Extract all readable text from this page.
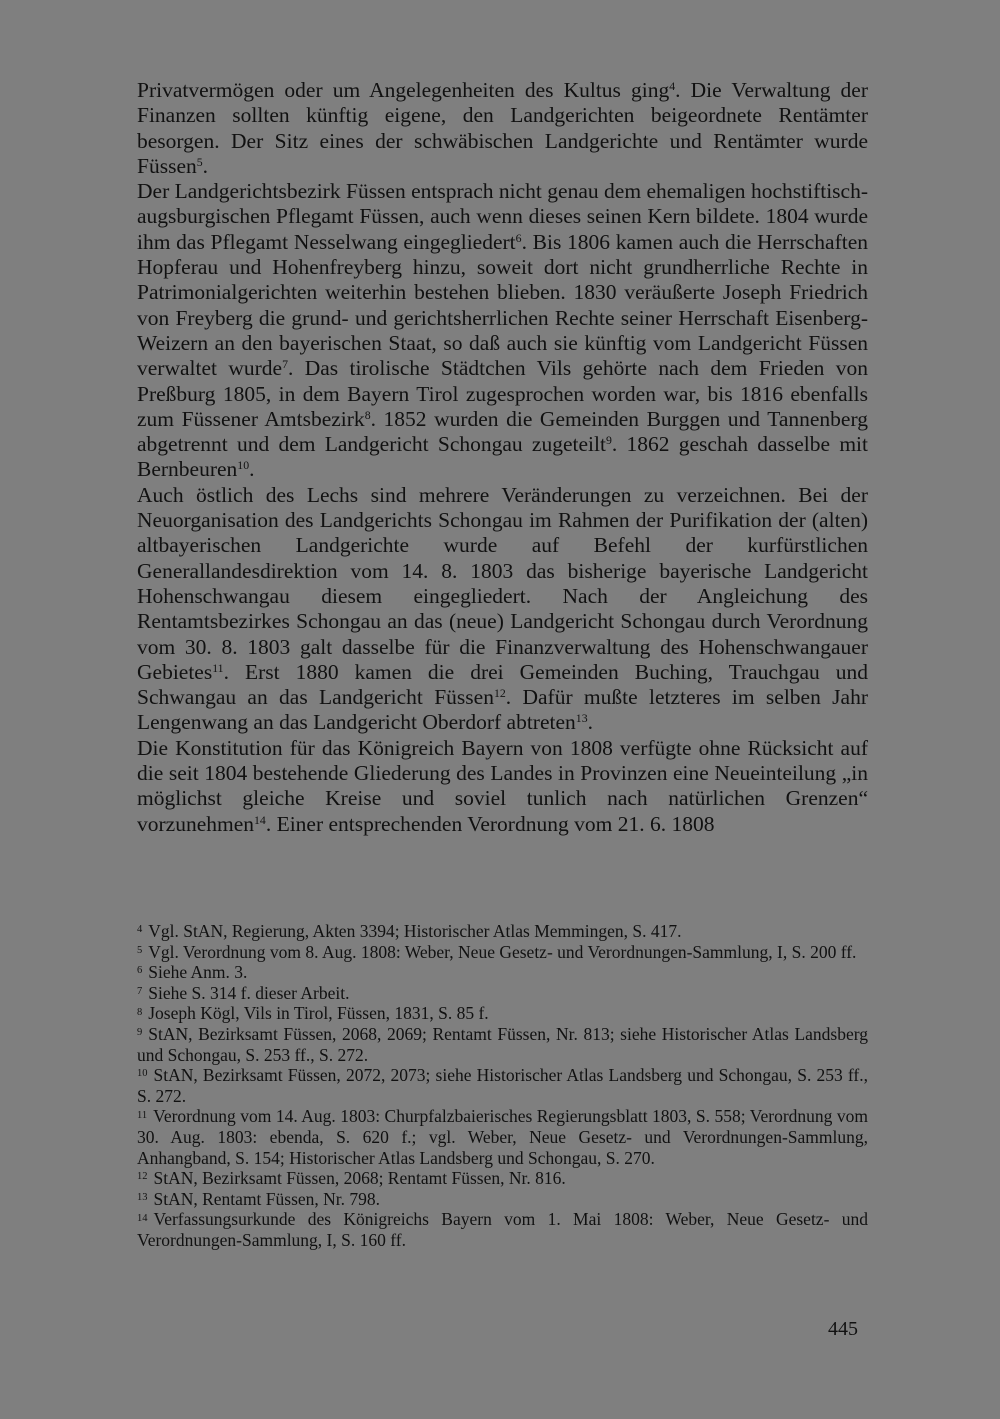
Privatvermögen oder um Angelegenheiten des Kultus ging$^4$. Die Verwaltung der Finanzen sollten künftig eigene, den Landgerichten beigeordnete Rentämter besorgen. Der Sitz eines der schwäbischen Landgerichte und Rentämter wurde Füssen$^5$.

Der Landgerichtsbezirk Füssen entsprach nicht genau dem ehemaligen hochstiftisch-augsburgischen Pflegamt Füssen, auch wenn dieses seinen Kern bildete. 1804 wurde ihm das Pflegamt Nesselwang eingegliedert$^6$. Bis 1806 kamen auch die Herrschaften Hopferau und Hohenfreyberg hinzu, soweit dort nicht grundherrliche Rechte in Patrimonialgerichten weiterhin bestehen blieben. 1830 veräußerte Joseph Friedrich von Freyberg die grund- und gerichtsherrlichen Rechte seiner Herrschaft Eisenberg-Weizern an den bayerischen Staat, so daß auch sie künftig vom Landgericht Füssen verwaltet wurde$^7$. Das tirolische Städtchen Vils gehörte nach dem Frieden von Preßburg 1805, in dem Bayern Tirol zugesprochen worden war, bis 1816 ebenfalls zum Füssener Amtsbezirk$^8$. 1852 wurden die Gemeinden Burggen und Tannenberg abgetrennt und dem Landgericht Schongau zugeteilt$^9$. 1862 geschah dasselbe mit Bernbeuren$^{10}$.

Auch östlich des Lechs sind mehrere Veränderungen zu verzeichnen. Bei der Neuorganisation des Landgerichts Schongau im Rahmen der Purifikation der (alten) altbayerischen Landgerichte wurde auf Befehl der kurfürstlichen Generallandesdirektion vom 14. 8. 1803 das bisherige bayerische Landgericht Hohenschwangau diesem eingegliedert. Nach der Angleichung des Rentamtsbezirkes Schongau an das (neue) Landgericht Schongau durch Verordnung vom 30. 8. 1803 galt dasselbe für die Finanzverwaltung des Hohenschwangauer Gebietes$^{11}$. Erst 1880 kamen die drei Gemeinden Buching, Trauchgau und Schwangau an das Landgericht Füssen$^{12}$. Dafür mußte letzteres im selben Jahr Lengenwang an das Landgericht Oberdorf abtreten$^{13}$.

Die Konstitution für das Königreich Bayern von 1808 verfügte ohne Rücksicht auf die seit 1804 bestehende Gliederung des Landes in Provinzen eine Neueinteilung „in möglichst gleiche Kreise und soviel tunlich nach natürlichen Grenzen“ vorzunehmen$^{14}$. Einer entsprechenden Verordnung vom 21. 6. 1808

$^4$ Vgl. StAN, Regierung, Akten 3394; Historischer Atlas Memmingen, S. 417.

$^5$ Vgl. Verordnung vom 8. Aug. 1808: Weber, Neue Gesetz- und Verordnungen-Sammlung, I, S. 200 ff.

$^6$ Siehe Anm. 3.

$^7$ Siehe S. 314 f. dieser Arbeit.

$^8$ Joseph Kögl, Vils in Tirol, Füssen, 1831, S. 85 f.

$^9$ StAN, Bezirksamt Füssen, 2068, 2069; Rentamt Füssen, Nr. 813; siehe Historischer Atlas Landsberg und Schongau, S. 253 ff., S. 272.

$^{10}$ StAN, Bezirksamt Füssen, 2072, 2073; siehe Historischer Atlas Landsberg und Schongau, S. 253 ff., S. 272.

$^{11}$ Verordnung vom 14. Aug. 1803: Churpfalzbaierisches Regierungsblatt 1803, S. 558; Verordnung vom 30. Aug. 1803: ebenda, S. 620 f.; vgl. Weber, Neue Gesetz- und Verordnungen-Sammlung, Anhangband, S. 154; Historischer Atlas Landsberg und Schongau, S. 270.

$^{12}$ StAN, Bezirksamt Füssen, 2068; Rentamt Füssen, Nr. 816.

$^{13}$ StAN, Rentamt Füssen, Nr. 798.

$^{14}$ Verfassungsurkunde des Königreichs Bayern vom 1. Mai 1808: Weber, Neue Gesetz- und Verordnungen-Sammlung, I, S. 160 ff.

445
